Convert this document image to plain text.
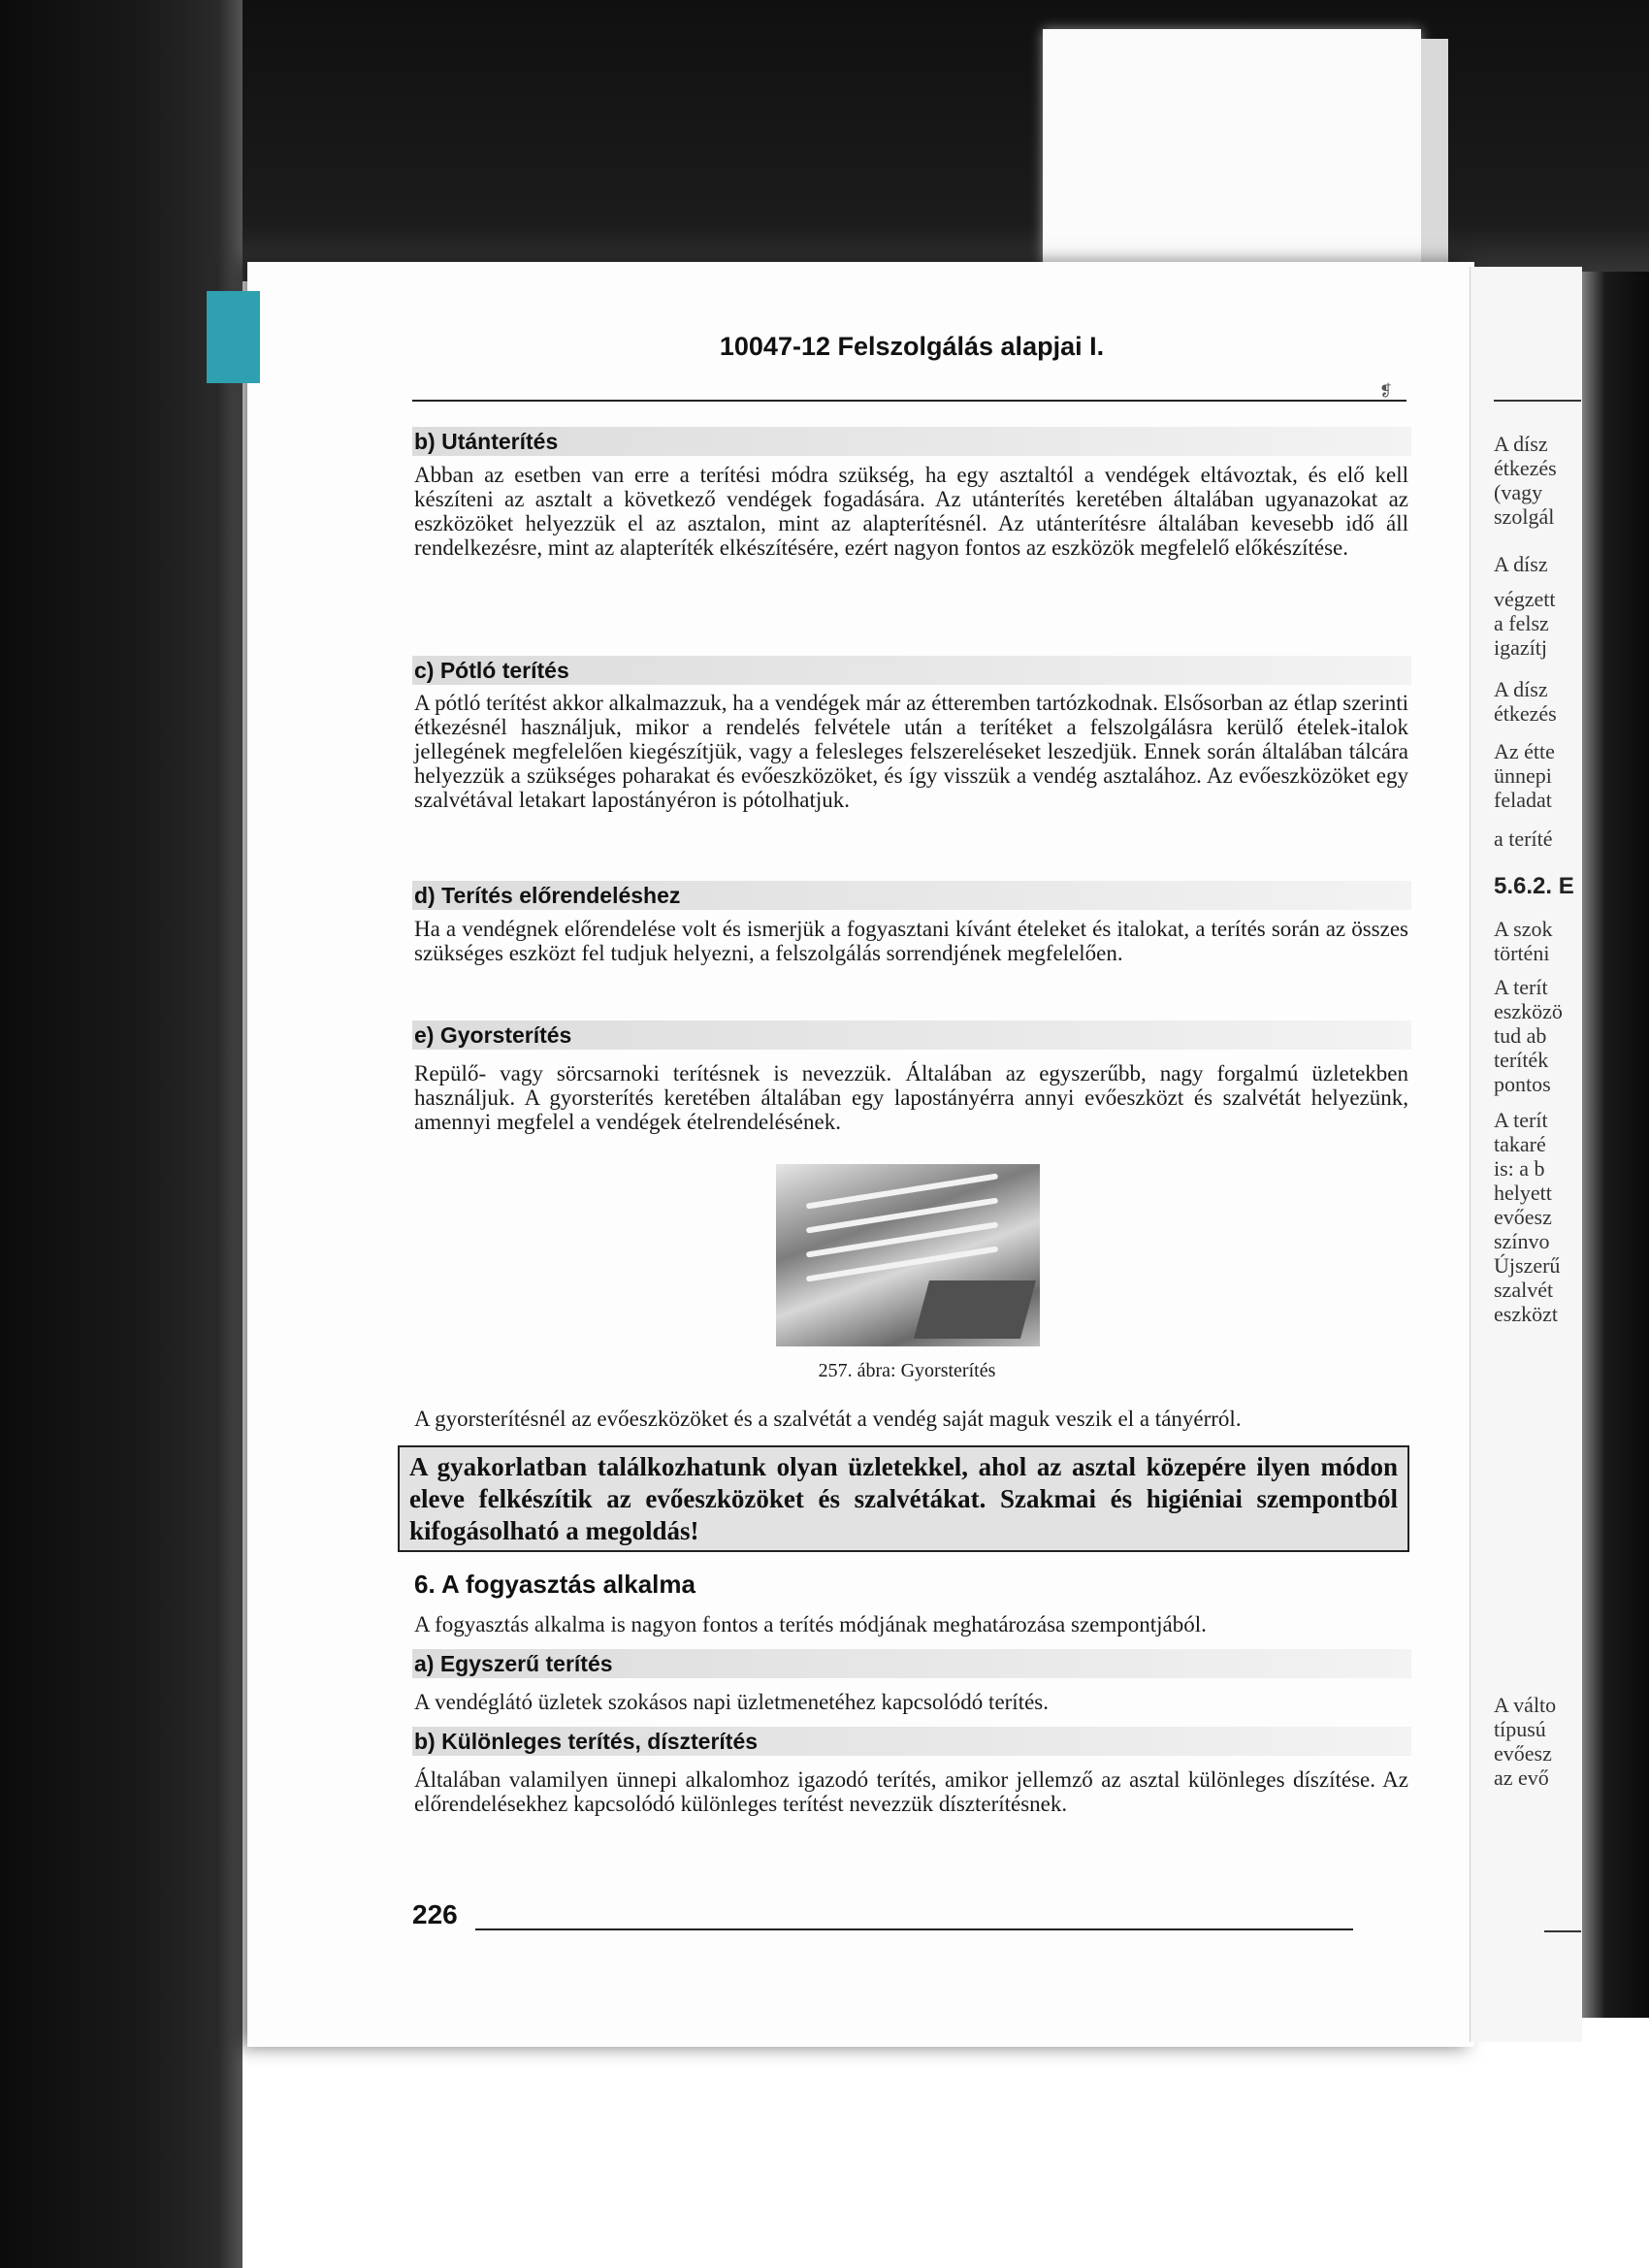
10047-12 Felszolgálás alapjai I.
❡
b) Utánterítés
Abban az esetben van erre a terítési módra szükség, ha egy asztaltól a vendégek eltávoztak, és elő kell készíteni az asztalt a következő vendégek fogadására. Az utánterítés keretében általában ugyanazokat az eszközöket helyezzük el az asztalon, mint az alapterítésnél. Az utánterítésre általában kevesebb idő áll rendelkezésre, mint az alapteríték elkészítésére, ezért nagyon fontos az eszközök megfelelő előkészítése.
c) Pótló terítés
A pótló terítést akkor alkalmazzuk, ha a vendégek már az étteremben tartózkodnak. Elsősorban az étlap szerinti étkezésnél használjuk, mikor a rendelés felvétele után a terítéket a felszolgálásra kerülő ételek-italok jellegének megfelelően kiegészítjük, vagy a felesleges felszereléseket leszedjük. Ennek során általában tálcára helyezzük a szükséges poharakat és evőeszközöket, és így visszük a vendég asztalához. Az evőeszközöket egy szalvétával letakart lapostányéron is pótolhatjuk.
d) Terítés előrendeléshez
Ha a vendégnek előrendelése volt és ismerjük a fogyasztani kívánt ételeket és italokat, a terítés során az összes szükséges eszközt fel tudjuk helyezni, a felszolgálás sorrendjének megfelelően.
e) Gyorsterítés
Repülő- vagy sörcsarnoki terítésnek is nevezzük. Általában az egyszerűbb, nagy forgalmú üzletekben használjuk. A gyorsterítés keretében általában egy lapostányérra annyi evőeszközt és szalvétát helyezünk, amennyi megfelel a vendégek ételrendelésének.
257. ábra: Gyorsterítés
A gyorsterítésnél az evőeszközöket és a szalvétát a vendég saját maguk veszik el a tányérról.
A gyakorlatban találkozhatunk olyan üzletekkel, ahol az asztal közepére ilyen módon eleve felkészítik az evőeszközöket és szalvétákat. Szakmai és higiéniai szempontból kifogásolható a megoldás!
6. A fogyasztás alkalma
A fogyasztás alkalma is nagyon fontos a terítés módjának meghatározása szempontjából.
a) Egyszerű terítés
A vendéglátó üzletek szokásos napi üzletmenetéhez kapcsolódó terítés.
b) Különleges terítés, díszterítés
Általában valamilyen ünnepi alkalomhoz igazodó terítés, amikor jellemző az asztal különleges díszítése. Az előrendelésekhez kapcsolódó különleges terítést nevezzük díszterítésnek.
226
A dísz
étkezés
(vagy
szolgál
A dísz
végzett
a felsz
igazítj
A dísz
étkezés
Az étte
ünnepi
feladat
a teríté
5.6.2. E
A szok
történi
A terít
eszközö
tud ab
teríték
pontos
A terít
takaré
is: a b
helyett
evőesz
színvo
Újszerű
szalvét
eszközt
A válto
típusú
evőesz
az evő
